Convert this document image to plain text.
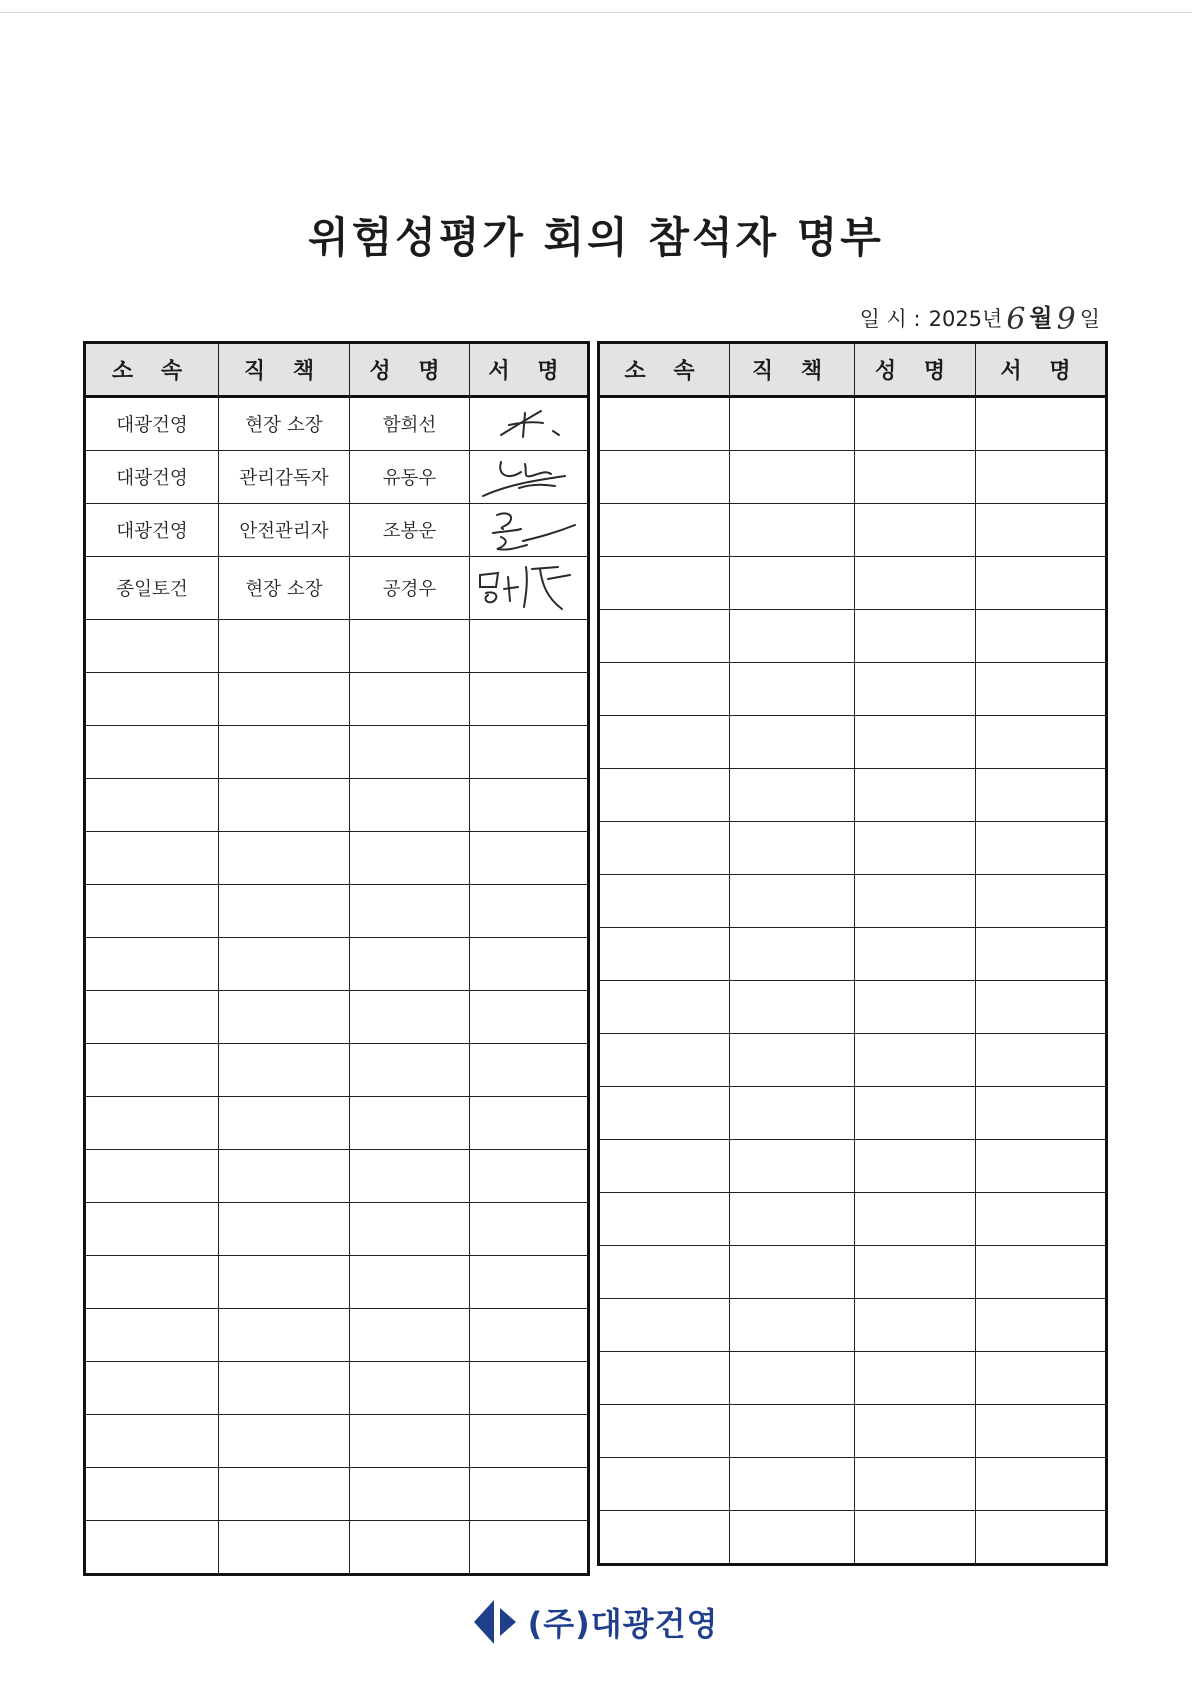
위험성평가 회의 참석자 명부
일 시 : 2025년 6 월 9 일
소 속	직 책	성 명	서 명
대광건영	현장 소장	함희선	

대광건영	관리감독자	유동우	

대광건영	안전관리자	조봉운	

종일토건	현장 소장	공경우	

소 속	직 책	성 명	서 명

(주)대광건영
